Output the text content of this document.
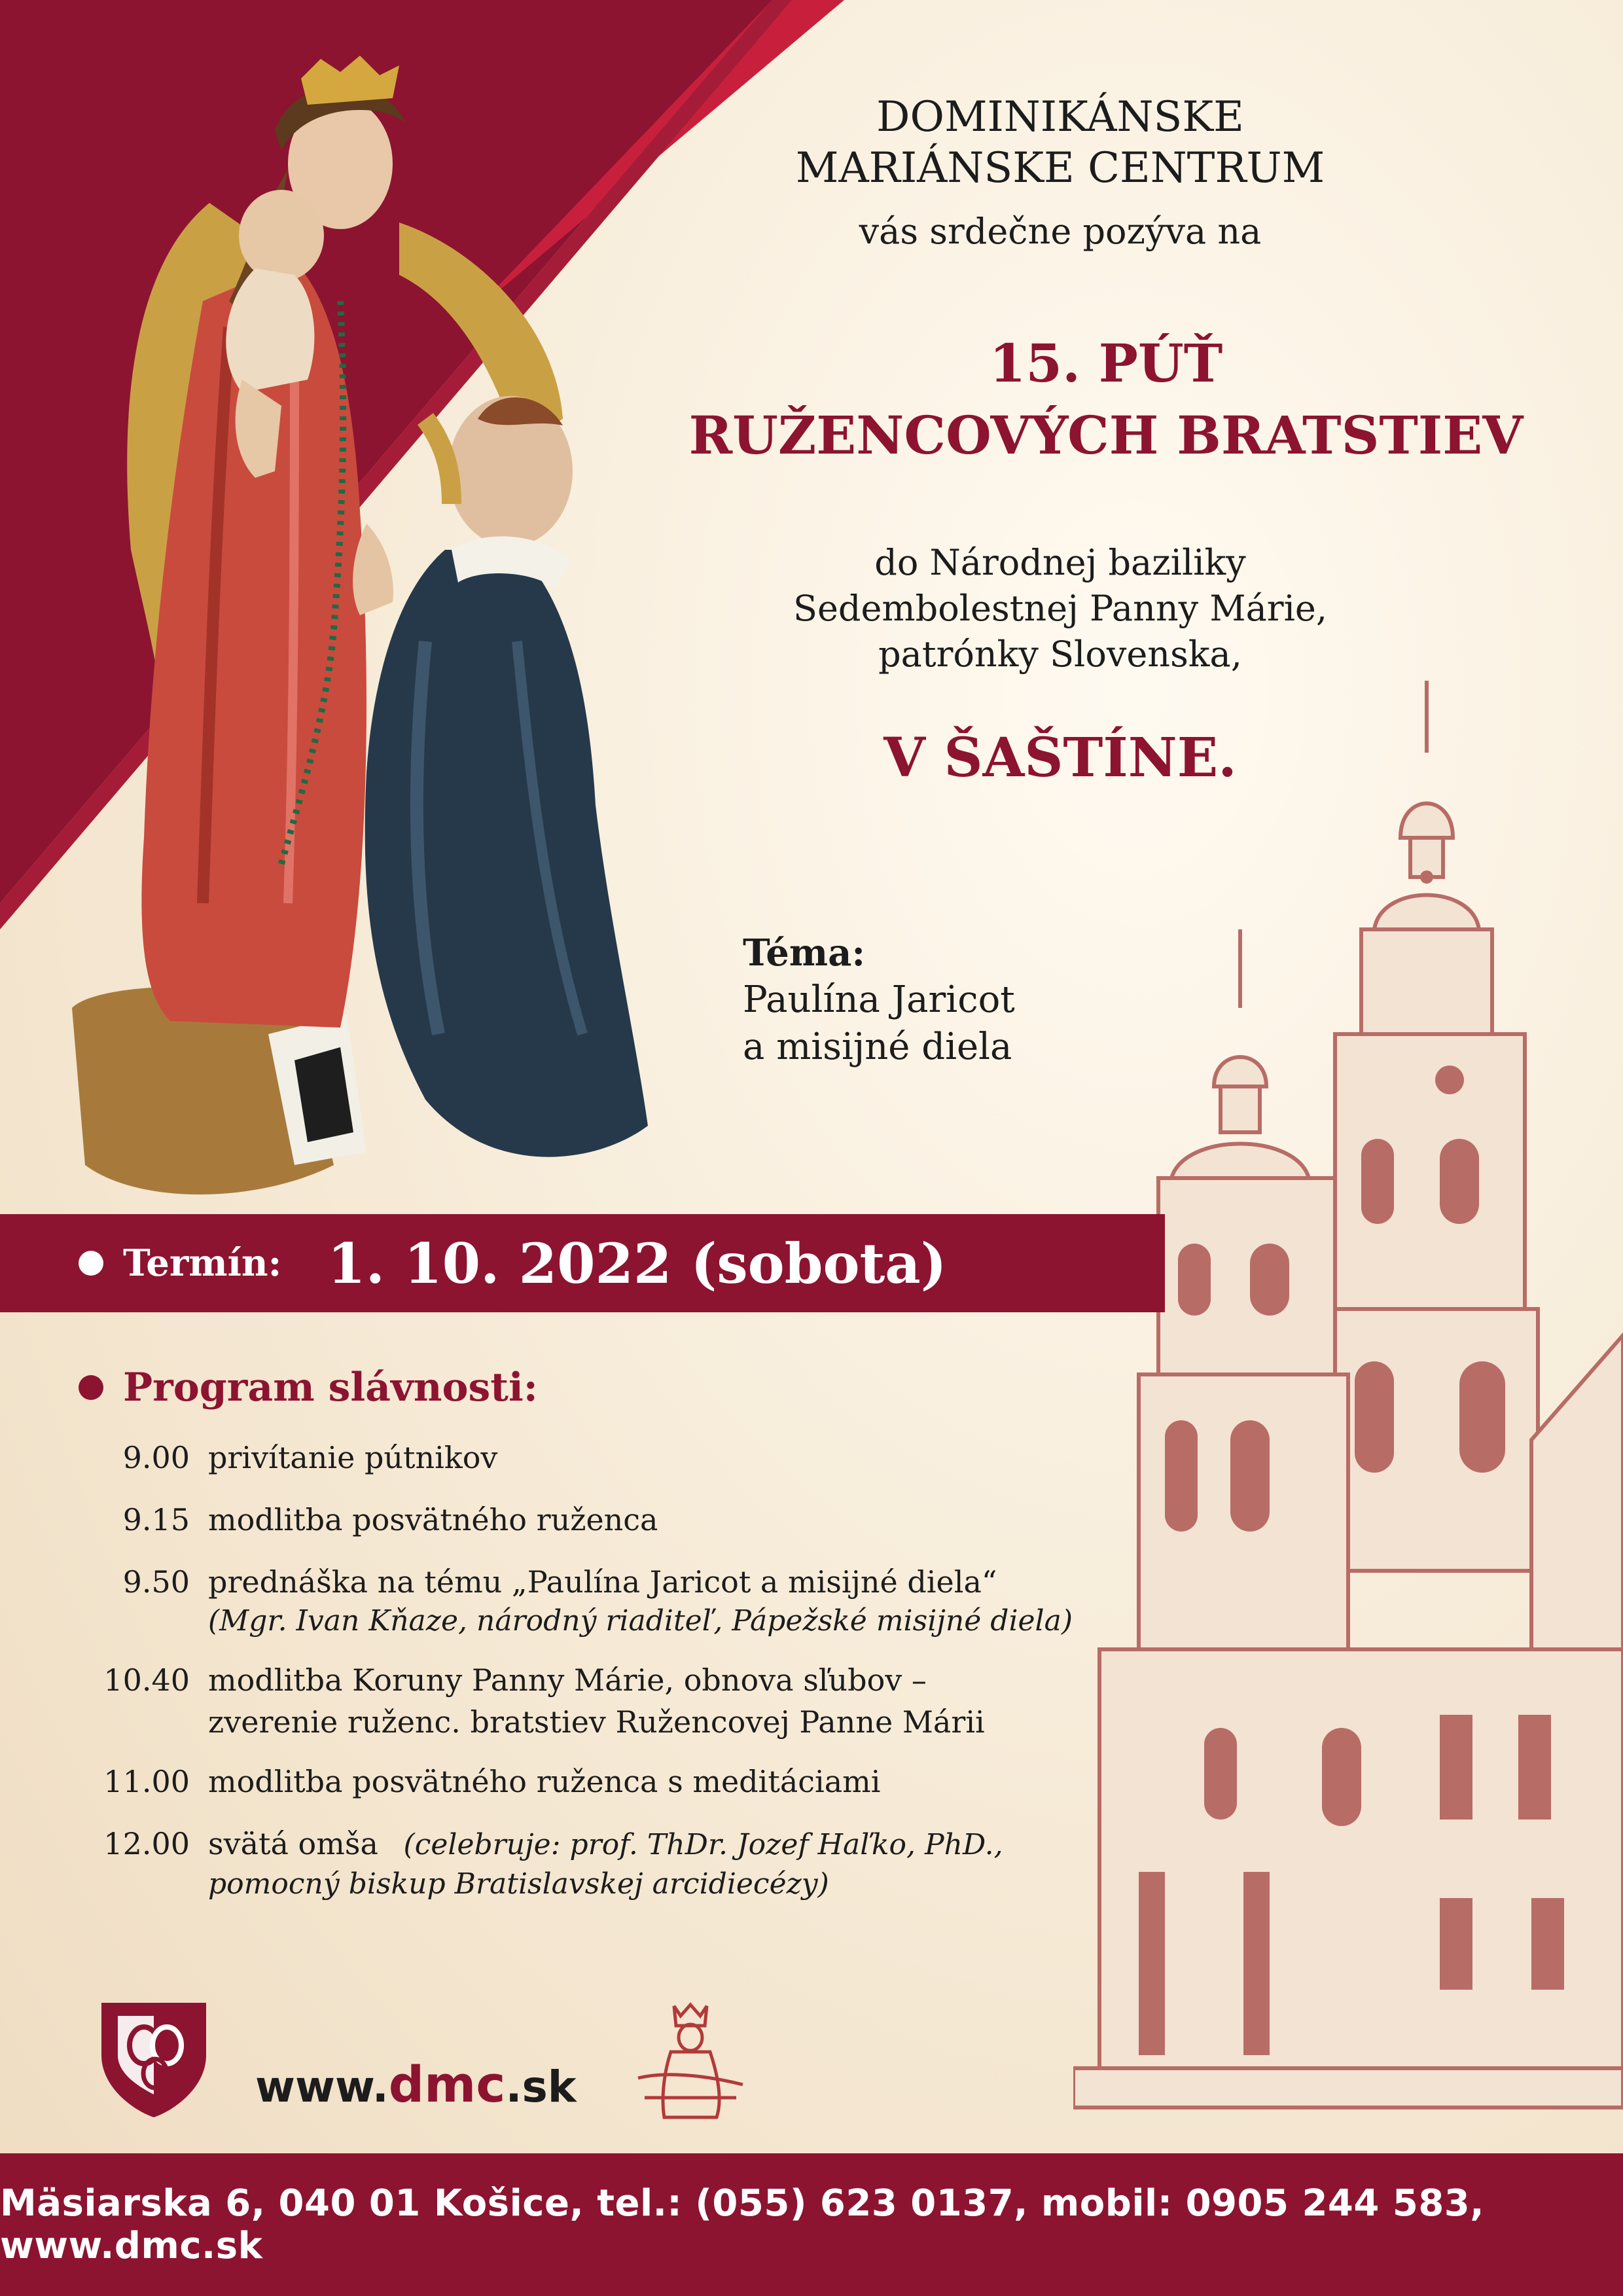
DOMINIKÁNSKE
MARIÁNSKE CENTRUM
vás srdečne pozýva na
15. PÚŤ
RUŽENCOVÝCH BRATSTIEV
do Národnej baziliky
Sedembolestnej Panny Márie,
patrónky Slovenska,
V ŠAŠTÍNE.
Téma:
Paulína Jaricot
a misijné diela
Termín: 1. 10. 2022 (sobota)
Program slávnosti:
9.00 privítanie pútnikov
9.15 modlitba posvätného ruženca
9.50 prednáška na tému „Paulína Jaricot a misijné diela“
(Mgr. Ivan Kňaze, národný riaditeľ, Pápežské misijné diela)
10.40 modlitba Koruny Panny Márie, obnova sľubov –
zverenie ruženc. bratstiev Ružencovej Panne Márii
11.00 modlitba posvätného ruženca s meditáciami
12.00 svätá omša (celebruje: prof. ThDr. Jozef Haľko, PhD.,
pomocný biskup Bratislavskej arcidiecézy)
www.dmc.sk
Mäsiarska 6, 040 01 Košice, tel.: (055) 623 0137, mobil: 0905 244 583, www.dmc.sk
